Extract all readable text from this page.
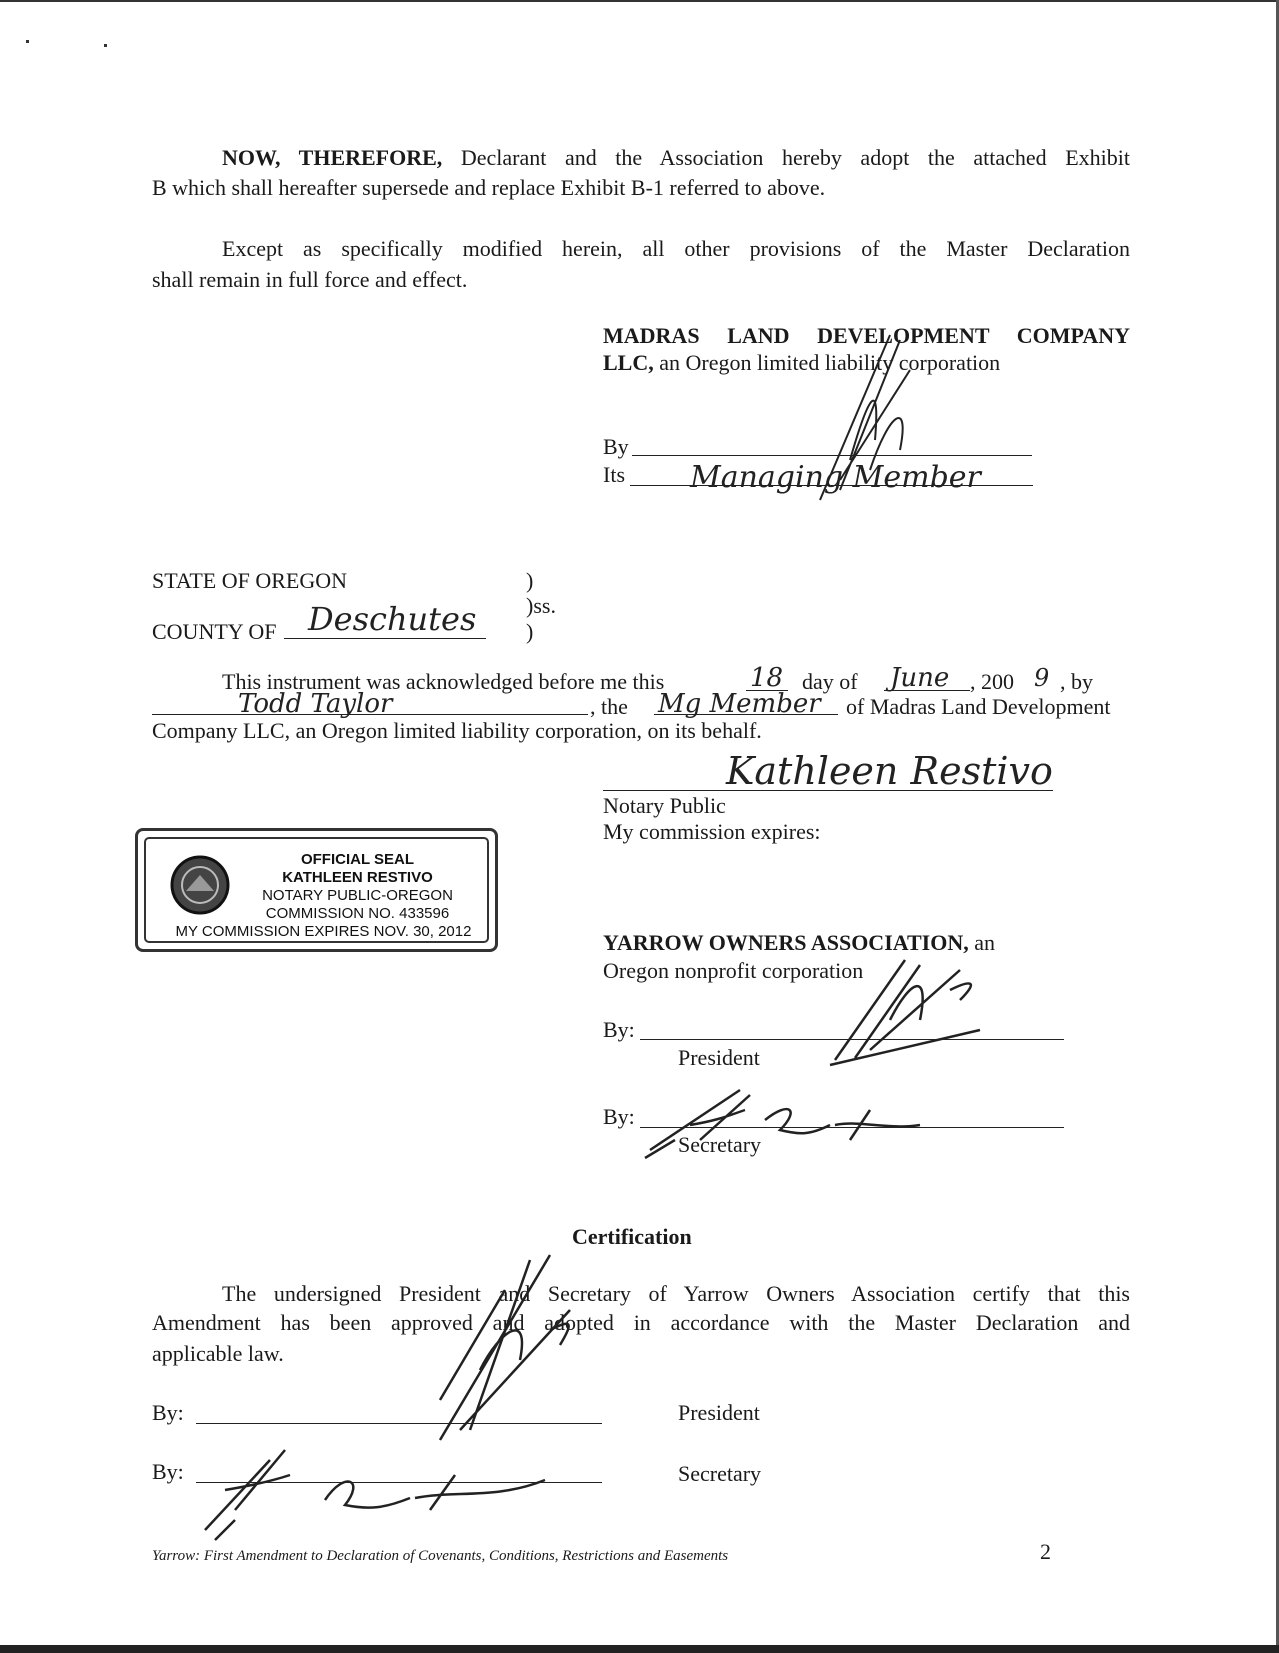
NOW, THEREFORE, Declarant and the Association hereby adopt the attached Exhibit
B which shall hereafter supersede and replace Exhibit B-1 referred to above.
Except as specifically modified herein, all other provisions of the Master Declaration
shall remain in full force and effect.
MADRAS LAND DEVELOPMENT COMPANY
LLC, an Oregon limited liability corporation
By
Its Managing Member
STATE OF OREGON	)
)ss.
COUNTY OF	)
Deschutes
This instrument was acknowledged before me this	18 day of June , 200 9 , by
Todd Taylor	, the Mg Member of Madras Land Development
Company LLC, an Oregon limited liability corporation, on its behalf.
Kathleen Restivo
Notary Public
My commission expires:
OFFICIAL SEAL
KATHLEEN RESTIVO
NOTARY PUBLIC-OREGON
COMMISSION NO. 433596
MY COMMISSION EXPIRES NOV. 30, 2012	YARROW OWNERS ASSOCIATION, an
Oregon nonprofit corporation
By:
President
By:
Secretary
Certification
The undersigned President and Secretary of Yarrow Owners Association certify that this
Amendment has been approved and adopted in accordance with the Master Declaration and
applicable law.
By:	President
By:	Secretary
Yarrow: First Amendment to Declaration of Covenants, Conditions, Restrictions and Easements	2
